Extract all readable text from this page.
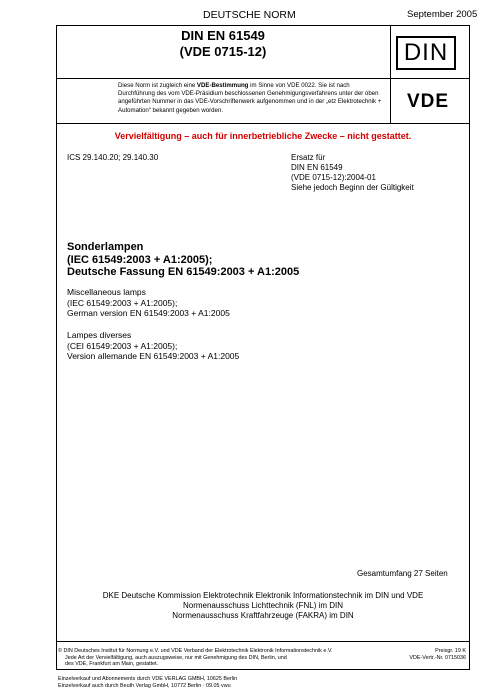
DEUTSCHE NORM	September 2005
DIN EN 61549
(VDE 0715-12)	DIN
VDE
Diese Norm ist zugleich eine VDE-Bestimmung im Sinne von VDE 0022. Sie ist nach Durchführung des vom VDE-Präsidium beschlossenen Genehmigungsverfahrens unter der oben angeführten Nummer in das VDE-Vorschriftenwerk aufgenommen und in der „etz Elektrotechnik + Automation“ bekannt gegeben worden.
Vervielfältigung – auch für innerbetriebliche Zwecke – nicht gestattet.
ICS 29.140.20; 29.140.30	Ersatz für
DIN EN 61549
(VDE 0715-12):2004-01
Siehe jedoch Beginn der Gültigkeit
Sonderlampen
(IEC 61549:2003 + A1:2005);
Deutsche Fassung EN 61549:2003 + A1:2005
Miscellaneous lamps
(IEC 61549:2003 + A1:2005);
German version EN 61549:2003 + A1:2005
Lampes diverses
(CEI 61549:2003 + A1:2005);
Version allemande EN 61549:2003 + A1:2005
Gesamtumfang 27 Seiten
DKE Deutsche Kommission Elektrotechnik Elektronik Informationstechnik im DIN und VDE
Normenausschuss Lichttechnik (FNL) im DIN
Normenausschuss Kraftfahrzeuge (FAKRA) im DIN
© DIN Deutsches Institut für Normung e.V. und VDE Verband der Elektrotechnik Elektronik Informationstechnik e.V.
Jede Art der Vervielfältigung, auch auszugsweise, nur mit Genehmigung des DIN, Berlin, und
des VDE, Frankfurt am Main, gestattet.
Preisgr. 19 K
VDE-Vertr.-Nr. 0715036
Einzelverkauf und Abonnements durch VDE VERLAG GMBH, 10625 Berlin
Einzelverkauf auch durch Beuth Verlag GmbH, 10772 Berlin · 09.05 vwu
